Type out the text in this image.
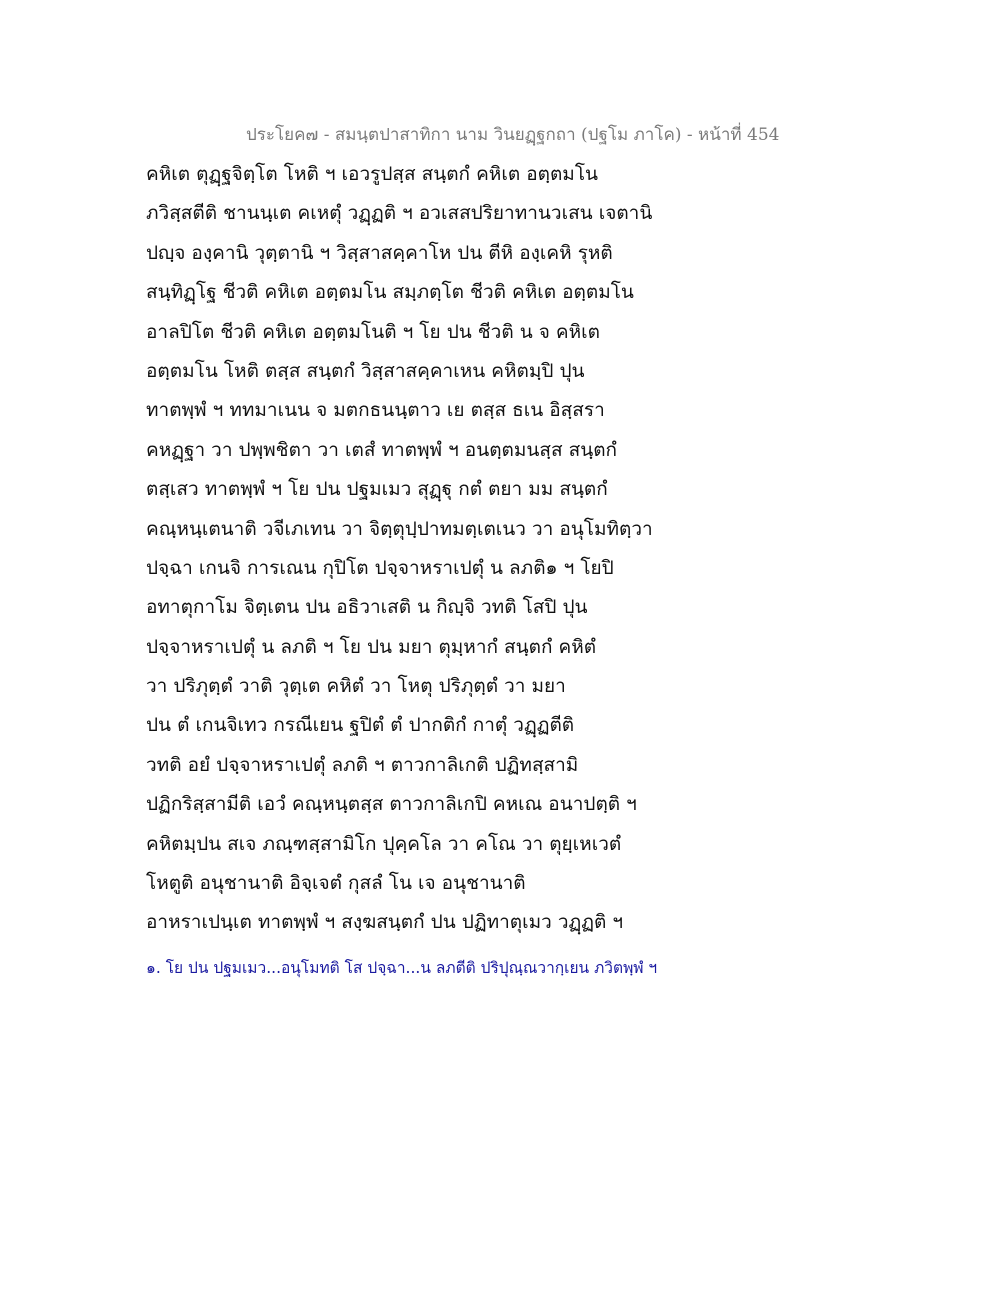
ประโยค๗ - สมนฺตปาสาทิกา นาม วินยฏฺฐกถา (ปฐโม ภาโค) - หน้าที่ 454
คหิเต ตุฏฺฐจิตฺโต โหติ ฯ เอวรูปสฺส สนฺตกํ คหิเต อตฺตมโน
ภวิสฺสตีติ ชานนฺเต คเหตุํ วฏฺฏติ ฯ อวเสสปริยาทานวเสน เจตานิ
ปญฺจ องฺคานิ วุตฺตานิ ฯ วิสฺสาสคฺคาโห ปน ตีหิ องฺเคหิ รุหติ
สนฺทิฏฺโฐ ชีวติ คหิเต อตฺตมโน สมฺภตฺโต ชีวติ คหิเต อตฺตมโน
อาลปิโต ชีวติ คหิเต อตฺตมโนติ ฯ โย ปน ชีวติ น จ คหิเต
อตฺตมโน โหติ ตสฺส สนฺตกํ วิสฺสาสคฺคาเหน คหิตมฺปิ ปุน
ทาตพฺพํ ฯ ททมาเนน จ มตกธนนฺตาว เย ตสฺส ธเน อิสฺสรา
คหฏฺฐา วา ปพฺพชิตา วา เตสํ ทาตพฺพํ ฯ อนตฺตมนสฺส สนฺตกํ
ตสฺเสว ทาตพฺพํ ฯ โย ปน ปฐมเมว สุฏฺฐุ กตํ ตยา มม สนฺตกํ
คณฺหนฺเตนาติ วจีเภเทน วา จิตฺตุปฺปาทมตฺเตเนว วา อนุโมทิตฺวา
ปจฺฉา เกนจิ การเณน กุปิโต ปจฺจาหราเปตุํ น ลภติ๑ ฯ โยปิ
อทาตุกาโม จิตฺเตน ปน อธิวาเสติ น กิญฺจิ วทติ โสปิ ปุน
ปจฺจาหราเปตุํ น ลภติ ฯ โย ปน มยา ตุมฺหากํ สนฺตกํ คหิตํ
วา ปริภุตฺตํ วาติ วุตฺเต คหิตํ วา โหตุ ปริภุตฺตํ วา มยา
ปน ตํ เกนจิเทว กรณีเยน ฐปิตํ ตํ ปากติกํ กาตุํ วฏฺฏตีติ
วทติ อยํ ปจฺจาหราเปตุํ ลภติ ฯ ตาวกาลิเกติ ปฏิทสฺสามิ
ปฏิกริสฺสามีติ เอวํ คณฺหนฺตสฺส ตาวกาลิเกปิ คหเณ อนาปตฺติ ฯ
คหิตมฺปน สเจ ภณฺฑสฺสามิโก ปุคฺคโล วา คโณ วา ตุยฺเหเวตํ
โหตูติ อนุชานาติ อิจฺเจตํ กุสลํ โน เจ อนุชานาติ
อาหราเปนฺเต ทาตพฺพํ ฯ สงฺฆสนฺตกํ ปน ปฏิทาตุเมว วฏฺฏติ ฯ
๑. โย ปน ปฐมเมว...อนุโมทติ โส ปจฺฉา...น ลภตีติ ปริปุณฺณวากฺเยน ภวิตพฺพํ ฯ
